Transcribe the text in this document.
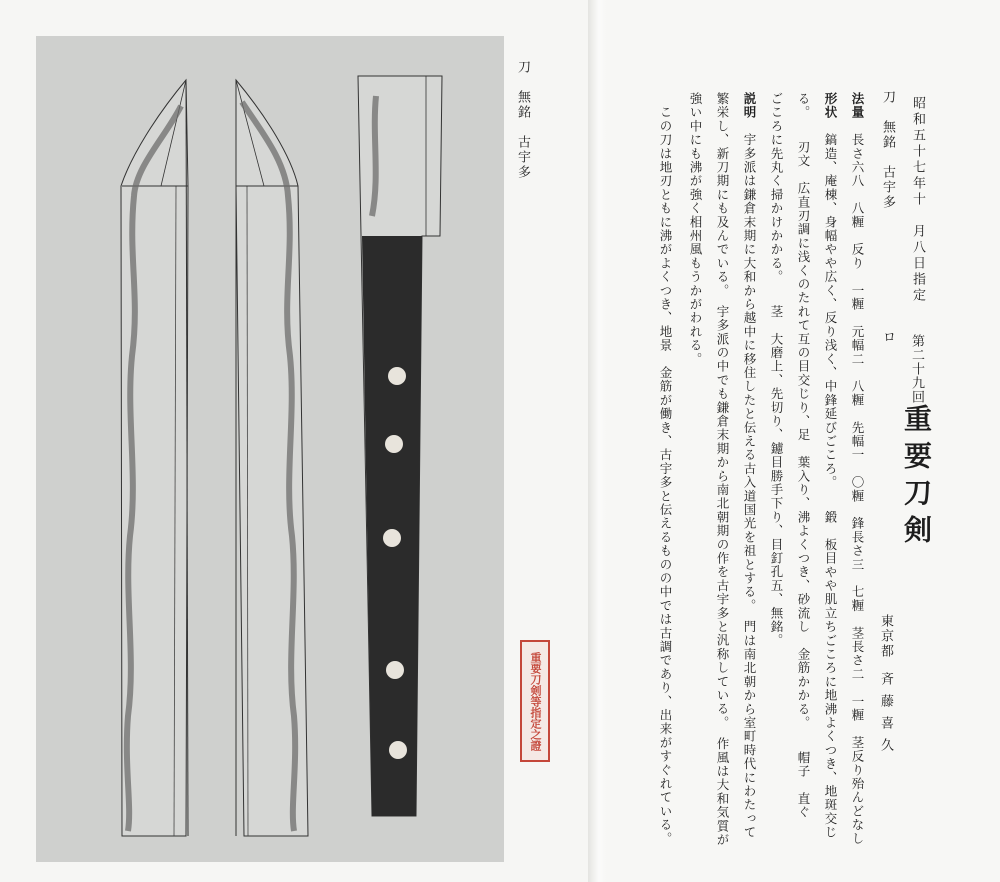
刀　無銘　古宇多
重要刀剣等指定之證
昭和五十七年十　月八日指定
第二十九回
重要刀剣
刀　無銘　古宇多
ロ
東京都
斉藤喜久
法量　長さ六八　八糎　反り　一糎　元幅二　八糎　先幅一　〇糎　鋒長さ三　七糎　茎長さ二　一糎　茎反り殆んどなし
形状　鎬造、庵棟、身幅やや広く、反り浅く、中鋒延びごころ。　　鍛　板目やや肌立ちごころに地沸よくつき、地斑交じ
る。　　刃文　広直刃調に浅くのたれて互の目交じり、足　葉入り、沸よくつき、砂流し　金筋かかる。　　帽子　直ぐ
ごころに先丸く掃かけかかる。　　茎　大磨上、先切り、鑢目勝手下り、目釘孔五、無銘。
説明　宇多派は鎌倉末期に大和から越中に移住したと伝える古入道国光を祖とする。　門は南北朝から室町時代にわたって
繁栄し、新刀期にも及んでいる。　宇多派の中でも鎌倉末期から南北朝期の作を古宇多と汎称している。　作風は大和気質が
強い中にも沸が強く相州風もうかがわれる。
　この刀は地刃ともに沸がよくつき、地景　金筋が働き、古宇多と伝えるものの中では古調であり、出来がすぐれている。
